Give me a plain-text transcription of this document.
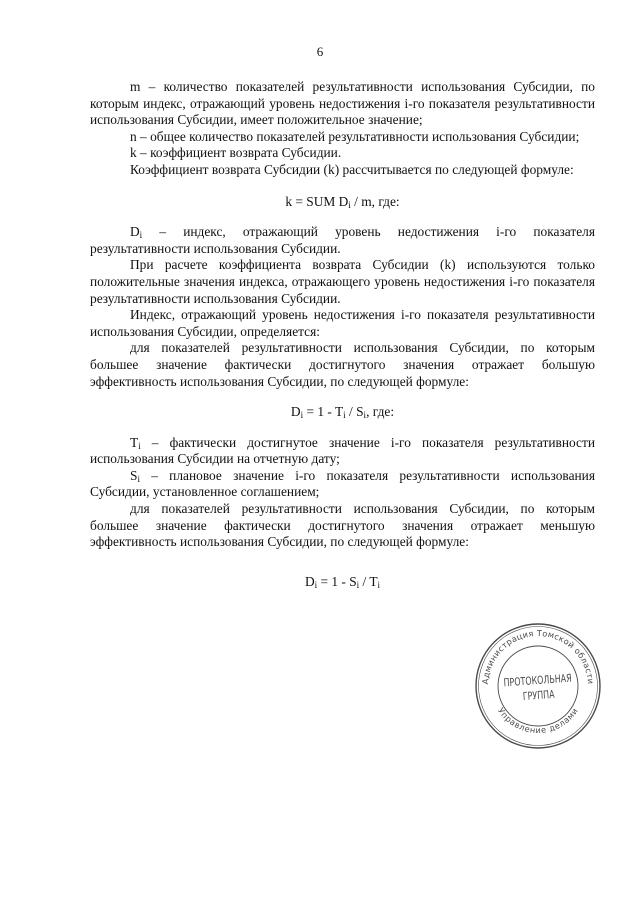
6

m – количество показателей результативности использования Субсидии, по которым индекс, отражающий уровень недостижения i-го показателя результативности использования Субсидии, имеет положительное значение;

n – общее количество показателей результативности использования Субсидии;

k – коэффициент возврата Субсидии.

Коэффициент возврата Субсидии (k) рассчитывается по следующей формуле:

k = SUM $D_i$ / m, где:

$D_i$ – индекс, отражающий уровень недостижения i-го показателя результативности использования Субсидии.

При расчете коэффициента возврата Субсидии (k) используются только положительные значения индекса, отражающего уровень недостижения i-го показателя результативности использования Субсидии.

Индекс, отражающий уровень недостижения i-го показателя результативности использования Субсидии, определяется:

для показателей результативности использования Субсидии, по которым большее значение фактически достигнутого значения отражает большую эффективность использования Субсидии, по следующей формуле:

$D_i = 1 - T_i / S_i$, где:

$T_i$ – фактически достигнутое значение i-го показателя результативности использования Субсидии на отчетную дату;

$S_i$ – плановое значение i-го показателя результативности использования Субсидии, установленное соглашением;

для показателей результативности использования Субсидии, по которым большее значение фактически достигнутого значения отражает меньшую эффективность использования Субсидии, по следующей формуле:

$D_i = 1 - S_i / T_i$

Администрация Томской области
Управление делами
ПРОТОКОЛЬНАЯ
ГРУППА
